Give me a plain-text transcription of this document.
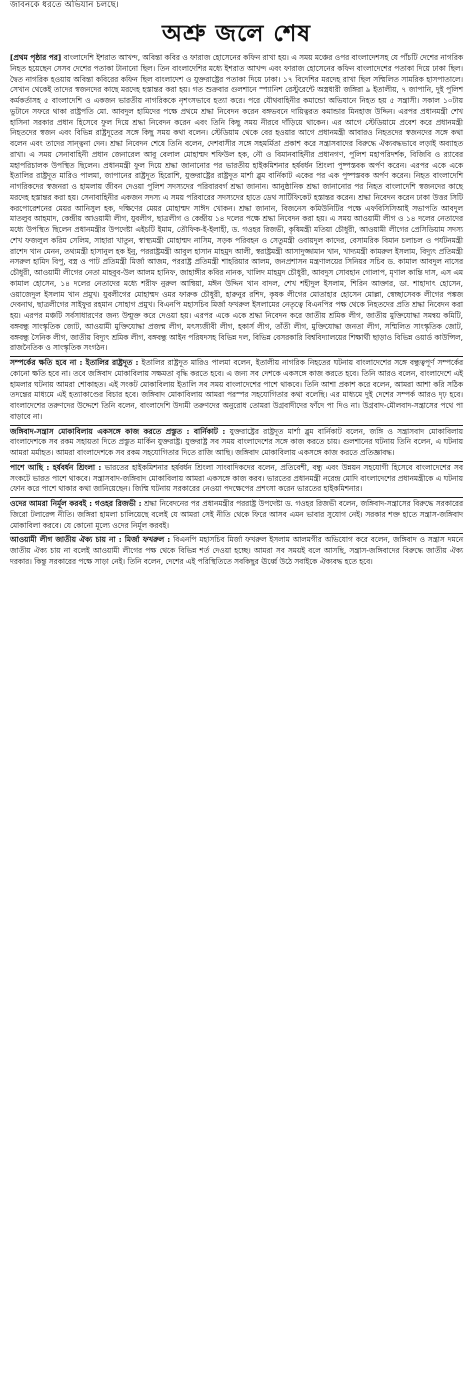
জাবনকে ধরতে অভিযান চলছে।
অশ্রু জলে শেষ

[প্রথম পৃষ্ঠার পর] বাংলাদেশি ইশরাত আখন্দ, অবিন্তা কবির ও ফারাজ হোসেনের কফিন রাখা হয়। এ সময় মঞ্চের ওপর বাংলাদেশসহ যে পাঁচটি দেশের নাগরিক নিহত হয়েছেন সেসব দেশের পতাকা টানানো ছিল। তিন বাংলাদেশির মধ্যে ইশরাত আখন্দ এবং ফারাজ হোসেনের কফিন বাংলাদেশের পতাকা দিয়ে ঢাকা ছিল। দ্বৈত নাগরিক হওয়ায় অবিন্তা কবিরের কফিন ছিল বাংলাদেশ ও যুক্তরাষ্ট্রের পতাকা দিয়ে ঢাকা। ১৭ বিদেশির মরদেহ রাখা ছিল সম্মিলিত সামরিক হাসপাতালে। সেখান থেকেই তাদের স্বজনদের কাছে মরদেহ হস্তান্তর করা হয়। গত শুক্রবার গুলশানে স্প্যানিশ রেস্টুরেন্টে অস্ত্রধারী জঙ্গিরা ৯ ইতালীয়, ৭ জাপানি, দুই পুলিশ কর্মকর্তাসহ ৫ বাংলাদেশি ও একজন ভারতীয় নাগরিককে নৃশংসভাবে হত্যা করে। পরে যৌথবাহিনীর কমান্ডো অভিযানে নিহত হয় ৫ সন্ত্রাসী। সকাল ১০টায় ভুটানে সফরে থাকা রাষ্ট্রপতি মো. আবদুল হামিদের পক্ষে প্রথমে শ্রদ্ধা নিবেদন করেন বঙ্গভবনে দায়িত্বরত কমান্ডার মিনহাজ উদ্দিন। এরপর প্রধানমন্ত্রী শেখ হাসিনা সরকার প্রধান হিসেবে ফুল দিয়ে শ্রদ্ধা নিবেদন করেন এবং তিনি কিছু সময় নীরবে দাঁড়িয়ে থাকেন। এর আগে স্টেডিয়ামে প্রবেশ করে প্রধানমন্ত্রী নিহতদের স্বজন এবং বিভিন্ন রাষ্ট্রদূতের সঙ্গে কিছু সময় কথা বলেন। স্টেডিয়াম থেকে বের হওয়ার আগে প্রধানমন্ত্রী আবারও নিহতদের স্বজনদের সঙ্গে কথা বলেন এবং তাদের সান্ত্বনা দেন। শ্রদ্ধা নিবেদন শেষে তিনি বলেন, দেশবাসীর সঙ্গে সহমর্মিতা প্রকাশ করে সন্ত্রাসবাদের বিরুদ্ধে ঐক্যবদ্ধভাবে লড়াই অব্যাহত রাখা। এ সময় সেনাবাহিনী প্রধান জেনারেল আবু বেলাল মোহাম্মদ শফিউল হক, নৌ ও বিমানবাহিনীর প্রধানগণ, পুলিশ মহাপরিদর্শক, বিজিবি ও র‍্যাবের মহাপরিচালক উপস্থিত ছিলেন। প্রধানমন্ত্রী ফুল দিয়ে শ্রদ্ধা জানানোর পর ভারতীয় হাইকমিশনার হর্ষবর্ধন শ্রিংলা পুষ্পস্তবক অর্পণ করেন। এরপর একে একে ইতালির রাষ্ট্রদূত মারিও পালমা, জাপানের রাষ্ট্রদূত হিরোশি, যুক্তরাষ্ট্রের রাষ্ট্রদূত মার্শা ব্লুম বার্নিকাট একের পর এক পুষ্পস্তবক অর্পণ করেন। নিহত বাংলাদেশি নাগরিকদের স্বজনরা ও হামলায় জীবন দেওয়া পুলিশ সদস্যদের পরিবারবর্গ শ্রদ্ধা জানান। আনুষ্ঠানিক শ্রদ্ধা জানানোর পর নিহত বাংলাদেশি স্বজনদের কাছে মরদেহ হস্তান্তর করা হয়। সেনাবাহিনীর একজন সদস্য এ সময় পরিবারের সদস্যদের হাতে ডেথ সার্টিফিকেট হস্তান্তর করেন। শ্রদ্ধা নিবেদন করেন ঢাকা উত্তর সিটি করপোরেশনের মেয়র আনিসুল হক, দক্ষিণের মেয়র মোহাম্মদ সাঈদ খোকন। শ্রদ্ধা জানান, বিজনেস কমিউনিটির পক্ষে এফবিসিসিআই সভাপতি আবদুল মাতলুব আহমাদ, কেন্দ্রীয় আওয়ামী লীগ, যুবলীগ, ছাত্রলীগ ও কেন্দ্রীয় ১৪ দলের পক্ষে শ্রদ্ধা নিবেদন করা হয়। এ সময় আওয়ামী লীগ ও ১৪ দলের নেতাদের মধ্যে উপস্থিত ছিলেন প্রধানমন্ত্রীর উপদেষ্টা এইচটি ইমাম, তৌফিক-ই-ইলাহী, ড. গওহর রিজভী, কৃষিমন্ত্রী মতিয়া চৌধুরী, আওয়ামী লীগের প্রেসিডিয়াম সদস্য শেখ ফজলুল করিম সেলিম, সাহারা খাতুন, স্বাস্থ্যমন্ত্রী মোহাম্মদ নাসিম, সড়ক পরিবহন ও সেতুমন্ত্রী ওবায়দুল কাদের, বেসামরিক বিমান চলাচল ও পর্যটনমন্ত্রী রাশেদ খান মেনন, তথ্যমন্ত্রী হাসানুল হক ইনু, পররাষ্ট্রমন্ত্রী আবুল হাসান মাহমুদ আলী, স্বরাষ্ট্রমন্ত্রী আসাদুজ্জামান খান, খাদ্যমন্ত্রী কামরুল ইসলাম, বিদ্যুৎ প্রতিমন্ত্রী নসরুল হামিদ বিপু, বস্ত্র ও পাট প্রতিমন্ত্রী মির্জা আজম, পররাষ্ট্র প্রতিমন্ত্রী শাহরিয়ার আলম, জনপ্রশাসন মন্ত্রণালয়ের সিনিয়র সচিব ড. কামাল আবদুল নাসের চৌধুরী, আওয়ামী লীগের নেতা মাহবুব-উল আলম হানিফ, জাহাঙ্গীর কবির নানক, খালিদ মাহমুদ চৌধুরী, আবদুস সোবহান গোলাপ, মৃণাল কান্তি দাস, এস এম কামাল হোসেন, ১৪ দলের নেতাদের মধ্যে শরীফ নুরুল আম্বিয়া, মঈন উদ্দিন খান বাদল, শেখ শহীদুল ইসলাম, শিরিন আক্তার, ডা. শাহাদাৎ হোসেন, ওয়াজেদুল ইসলাম খান প্রমুখ। যুবলীগের মোহাম্মদ ওমর ফারুক চৌধুরী, হারুনুর রশিদ, কৃষক লীগের মোতাহার হোসেন মোল্লা, স্বেচ্ছাসেবক লীগের পঙ্কজ দেবনাথ, ছাত্রলীগের সাইফুর রহমান সোহাগ প্রমুখ। বিএনপি মহাসচিব মির্জা ফখরুল ইসলামের নেতৃত্বে বিএনপির পক্ষ থেকে নিহতদের প্রতি শ্রদ্ধা নিবেদন করা হয়। এরপর মঞ্চটি সর্বসাধারণের জন্য উন্মুক্ত করে দেওয়া হয়। এরপর একে একে শ্রদ্ধা নিবেদন করে জাতীয় শ্রমিক লীগ, জাতীয় মুক্তিযোদ্ধা সমন্বয় কমিটি, বঙ্গবন্ধু সাংস্কৃতিক জোট, আওয়ামী মুক্তিযোদ্ধা প্রজন্ম লীগ, মৎস্যজীবী লীগ, হকার্স লীগ, তাঁতী লীগ, মুক্তিযোদ্ধা জনতা লীগ, সম্মিলিত সাংস্কৃতিক জোট, বঙ্গবন্ধু সৈনিক লীগ, জাতীয় বিদ্যুৎ শ্রমিক লীগ, বঙ্গবন্ধু আইন পরিষদসহ বিভিন্ন দল, বিভিন্ন বেসরকারি বিশ্ববিদ্যালয়ের শিক্ষার্থী ছাড়াও বিভিন্ন ওয়ার্ড কাউন্সিল, রাজনৈতিক ও সাংস্কৃতিক সংগঠন।

সম্পর্কের ক্ষতি হবে না : ইতালির রাষ্ট্রদূত : ইতালির রাষ্ট্রদূত মারিও পালমা বলেন, ইতালীয় নাগরিক নিহতের ঘটনায় বাংলাদেশের সঙ্গে বন্ধুত্বপূর্ণ সম্পর্কের কোনো ক্ষতি হবে না। তবে জঙ্গিবাদ মোকাবিলায় সক্ষমতা বৃদ্ধি করতে হবে। এ জন্য সব দেশকে একসঙ্গে কাজ করতে হবে। তিনি আরও বলেন, বাংলাদেশে এই হামলার ঘটনায় আমরা শোকাহত। এই সংকট মোকাবিলায় ইতালি সব সময় বাংলাদেশের পাশে থাকবে। তিনি আশা প্রকাশ করে বলেন, আমরা আশা করি সঠিক তদন্তের মাধ্যমে এই হত্যাকাণ্ডের বিচার হবে। জঙ্গিবাদ মোকাবিলায় আমরা পরস্পর সহযোগিতার কথা বলেছি। এর মাধ্যমে দুই দেশের সম্পর্ক আরও দৃঢ় হবে। বাংলাদেশের তরুণদের উদ্দেশে তিনি বলেন, বাংলাদেশি উদ্যমী তরুণদের অনুরোধ তোমরা উগ্রবাদীদের ফাঁদে পা দিও না। উগ্রবাদ-মৌলবাদ-সন্ত্রাসের পথে পা বাড়াবে না।

জঙ্গিবাদ-সন্ত্রাস মোকাবিলায় একসঙ্গে কাজ করতে প্রস্তুত : বার্নিকাট : যুক্তরাষ্ট্রের রাষ্ট্রদূত মার্শা ব্লুম বার্নিকাট বলেন, জঙ্গি ও সন্ত্রাসবাদ মোকাবিলায় বাংলাদেশকে সব রকম সহায়তা দিতে প্রস্তুত মার্কিন যুক্তরাষ্ট্র। যুক্তরাষ্ট্র সব সময় বাংলাদেশের সঙ্গে কাজ করতে চায়। গুলশানের ঘটনায় তিনি বলেন, এ ঘটনায় আমরা মর্মাহত। আমরা বাংলাদেশকে সব রকম সহযোগিতার দিতে রাজি আছি। জঙ্গিবাদ মোকাবিলায় একসঙ্গে কাজ করতে প্রতিজ্ঞাবদ্ধ।

পাশে আছি : হর্ষবর্ধন শ্রিংলা : ভারতের হাইকমিশনার হর্ষবর্ধন শ্রিংলা সাংবাদিকদের বলেন, প্রতিবেশী, বন্ধু এবং উন্নয়ন সহযোগী হিসেবে বাংলাদেশের সব সংকটে ভারত পাশে থাকবে। সন্ত্রাসবাদ-জঙ্গিবাদ মোকাবিলায় আমরা একসঙ্গে কাজ করব। ভারতের প্রধানমন্ত্রী নরেন্দ্র মোদি বাংলাদেশের প্রধানমন্ত্রীকে এ ঘটনায় ফোন করে পাশে থাকার কথা জানিয়েছেন। জিম্মি ঘটনায় সরকারের নেওয়া পদক্ষেপের প্রশংসা করেন ভারতের হাইকমিশনার।

ওদের আমরা নির্মূল করবই : গওহর রিজভী : শ্রদ্ধা নিবেদনের পর প্রধানমন্ত্রীর পররাষ্ট্র উপদেষ্টা ড. গওহর রিজভী বলেন, জঙ্গিবাদ-সন্ত্রাসের বিরুদ্ধে সরকারের জিরো টলারেন্স নীতি। জঙ্গিরা হামলা চালিয়েছে বলেই যে আমরা সেই নীতি থেকে ফিরে আসব এমন ভাবার সুযোগ নেই। সরকার শক্ত হাতে সন্ত্রাস-জঙ্গিবাদ মোকাবিলা করবে। যে কোনো মূল্যে ওদের নির্মূল করবই।

আওয়ামী লীগ জাতীয় ঐক্য চায় না : মির্জা ফখরুল : বিএনপি মহাসচিব মির্জা ফখরুল ইসলাম আলমগীর অভিযোগ করে বলেন, জঙ্গিবাদ ও সন্ত্রাস দমনে জাতীয় ঐক্য চায় না বলেই আওয়ামী লীগের পক্ষ থেকে বিভিন্ন শর্ত দেওয়া হচ্ছে। আমরা সব সময়ই বলে আসছি, সন্ত্রাস-জঙ্গিবাদের বিরুদ্ধে জাতীয় ঐক্য দরকার। কিন্তু সরকারের পক্ষে সাড়া নেই। তিনি বলেন, দেশের এই পরিস্থিতিতে সবকিছুর ঊর্ধ্বে উঠে সবাইকে ঐক্যবদ্ধ হতে হবে।
